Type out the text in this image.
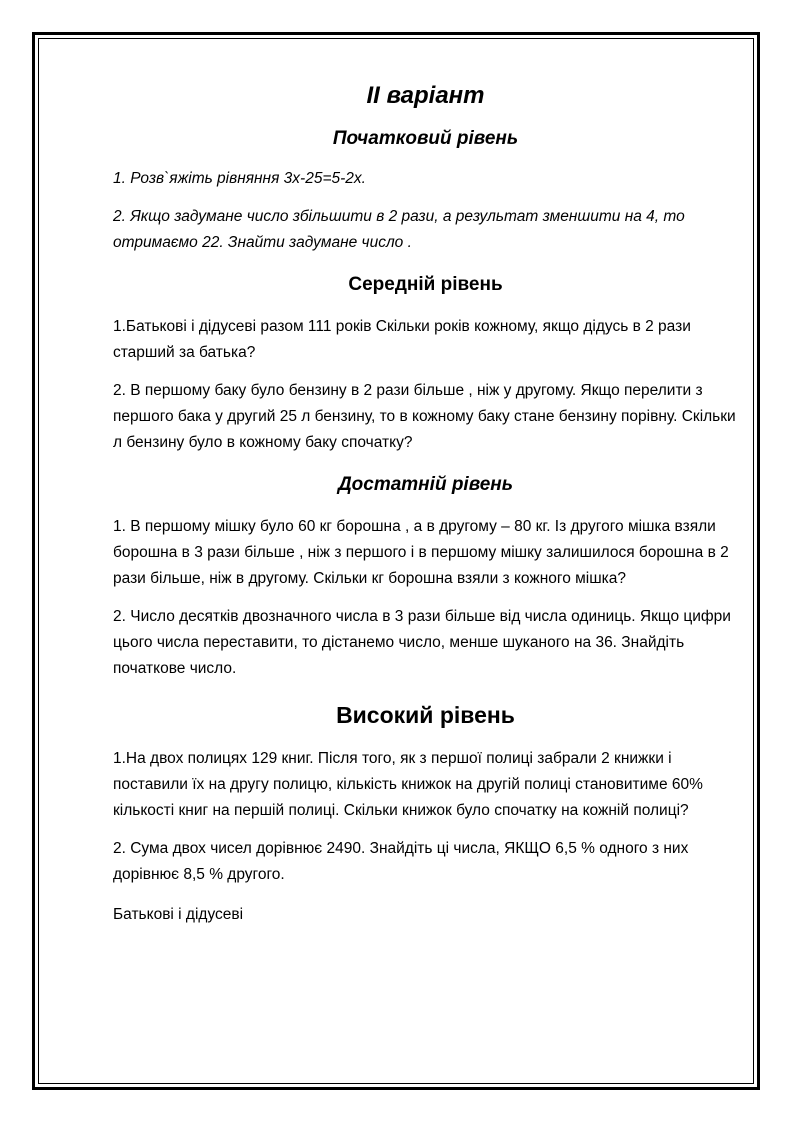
ІІ варіант
Початковий рівень

1. Розв`яжіть рівняння 3x-25=5-2x.

2. Якщо задумане число збільшити в 2 рази, а результат зменшити на 4, то отримаємо 22. Знайти задумане число .

Середній рівень

1.Батькові і дідусеві разом 111 років Скільки років кожному, якщо дідусь в 2 рази старший за батька?

2. В першому баку було бензину в 2 рази більше , ніж у другому. Якщо перелити з першого бака у другий 25 л бензину, то в кожному баку стане бензину порівну. Скільки л бензину було в кожному баку спочатку?

Достатній рівень

1. В першому мішку було 60 кг борошна , а в другому – 80 кг. Із другого мішка взяли борошна в 3 рази більше , ніж з першого і в першому мішку залишилося борошна в 2 рази більше, ніж в другому. Скільки кг борошна взяли з кожного мішка?

2. Число десятків двозначного числа в 3 рази більше від числа одиниць. Якщо цифри цього числа переставити, то дістанемо число, менше шуканого на 36. Знайдіть початкове число.

Високий рівень

1.На двох полицях 129 книг. Після того, як з першої полиці забрали 2 книжки і поставили їх на другу полицю, кількість книжок на другій полиці становитиме 60% кількості книг на першій полиці. Скільки книжок було спочатку на кожній полиці?

2. Сума двох чисел дорівнює 2490. Знайдіть ці числа, ЯКЩО 6,5 % одного з них дорівнює 8,5 % другого.

Батькові і дідусеві
